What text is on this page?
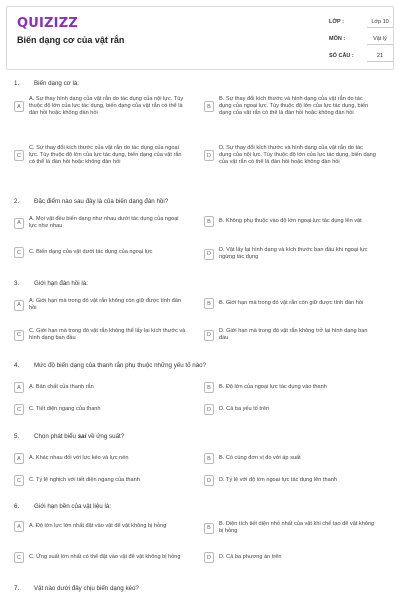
QUIZIZZ
Biến dạng cơ của vật rắn
LỚP :	Lớp 10
MÔN :	Vật lý
SỐ CÂU :	21
1.	Biến dạng cơ là:
A
A. Sự thay hình dạng của vật rắn do tác dụng của nội lực. Tùy thuộc độ lớn của lực tác dụng, biến dạng của vật rắn có thể là đàn hồi hoặc không đàn hồi
B
B. Sự thay đổi kích thước và hình dạng của vật rắn do tác dụng của ngoại lực. Tùy thuộc độ lớn của lực tác dụng, biến dạng của vật rắn có thể là đàn hồi hoặc không đàn hồi
C
C. Sự thay đổi kích thước của vật rắn do tác dụng của ngoại lực. Tùy thuộc độ lớn của lực tác dụng, biến dạng của vật rắn có thể là đàn hồi hoặc không đàn hồi
D
D. Sự thay đổi kích thước và hình dạng của vật rắn do tác dụng của nội lực. Tùy thuộc độ lớn của lực tác dụng, biến dạng của vật rắn có thể là đàn hồi hoặc không đàn hồi
2.	Đặc điểm nào sau đây là của biến dạng đàn hồi?
A
A. Mọi vật đều biến dạng như nhau dưới tác dụng của ngoại lực như nhau
B	B. Không phụ thuộc vào độ lớn ngoại lực tác dụng lên vật
C	C. Biến dạng của vật dưới tác dụng của ngoại lực	D
D. Vật lấy lại hình dạng và kích thước ban đầu khi ngoại lực ngừng tác dụng
3.	Giới hạn đàn hồi là:
A
A. Giới hạn mà trong đó vật rắn không còn giữ được tính đàn hồi
B	B. Giới hạn mà trong đó vật rắn còn giữ được tính đàn hồi
C
C. Giới hạn mà trong đó vật rắn không thể lấy lại kích thước và hình dạng ban đầu	D
D. Giới hạn mà trong đó vật rắn không trở lại hình dạng ban đầu
4.	Mức độ biến dạng của thanh rắn phụ thuộc những yếu tố nào?
A	A. Bản chất của thanh rắn	B	B. Độ lớn của ngoại lực tác dụng vào thanh
C	C. Tiết diện ngang của thanh	D	D. Cả ba yếu tố trên
5.	Chọn phát biểu sai về ứng suất?
A	A. Khác nhau đối với lực kéo và lực nén	B	B. Có cùng đơn vị đo với áp suất
C	C. Tỷ lệ nghịch với tiết diện ngang của thanh	D	D. Tỷ lệ với độ lớn ngoại lực tác dụng lên thanh
6.	Giới hạn bền của vật liệu là:
A	A. Độ lớn lực lớn nhất đặt vào vật để vật không bị hỏng	B
B. Diện tích tiết diện nhỏ nhất của vật khi chế tạo để vật không bị hỏng
C	C. Ứng suất lớn nhất có thể đặt vào vật để vật không bị hỏng	D	D. Cả ba phương án trên
7.	Vật nào dưới đây chịu biến dạng kéo?
